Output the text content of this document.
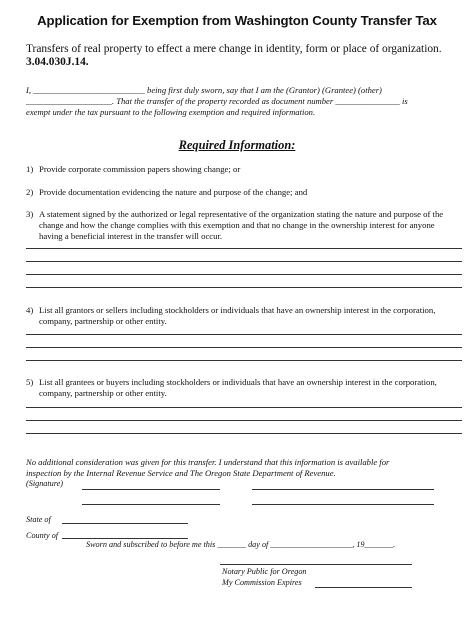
Application for Exemption from Washington County Transfer Tax
Transfers of real property to effect a mere change in identity, form or place of organization.
3.04.030J.14.
I, __________________________ being first duly sworn, say that I am the (Grantor) (Grantee) (other)
____________________. That the transfer of the property recorded as document number _______________ is
exempt under the tax pursuant to the following exemption and required information.
Required Information:
1) Provide corporate commission papers showing change; or
2) Provide documentation evidencing the nature and purpose of the change; and
3) A statement signed by the authorized or legal representative of the organization stating the nature and purpose of the change and how the change complies with this exemption and that no change in the ownership interest for anyone having a beneficial interest in the transfer will occur.
4) List all grantors or sellers including stockholders or individuals that have an ownership interest in the corporation, company, partnership or other entity.
5) List all grantees or buyers including stockholders or individuals that have an ownership interest in the corporation, company, partnership or other entity.
No additional consideration was given for this transfer. I understand that this information is available for
inspection by the Internal Revenue Service and The Oregon State Department of Revenue.
(Signature)
State of
County of
Sworn and subscribed to before me this _______ day of ____________________, 19_______.
Notary Public for Oregon
My Commission Expires
